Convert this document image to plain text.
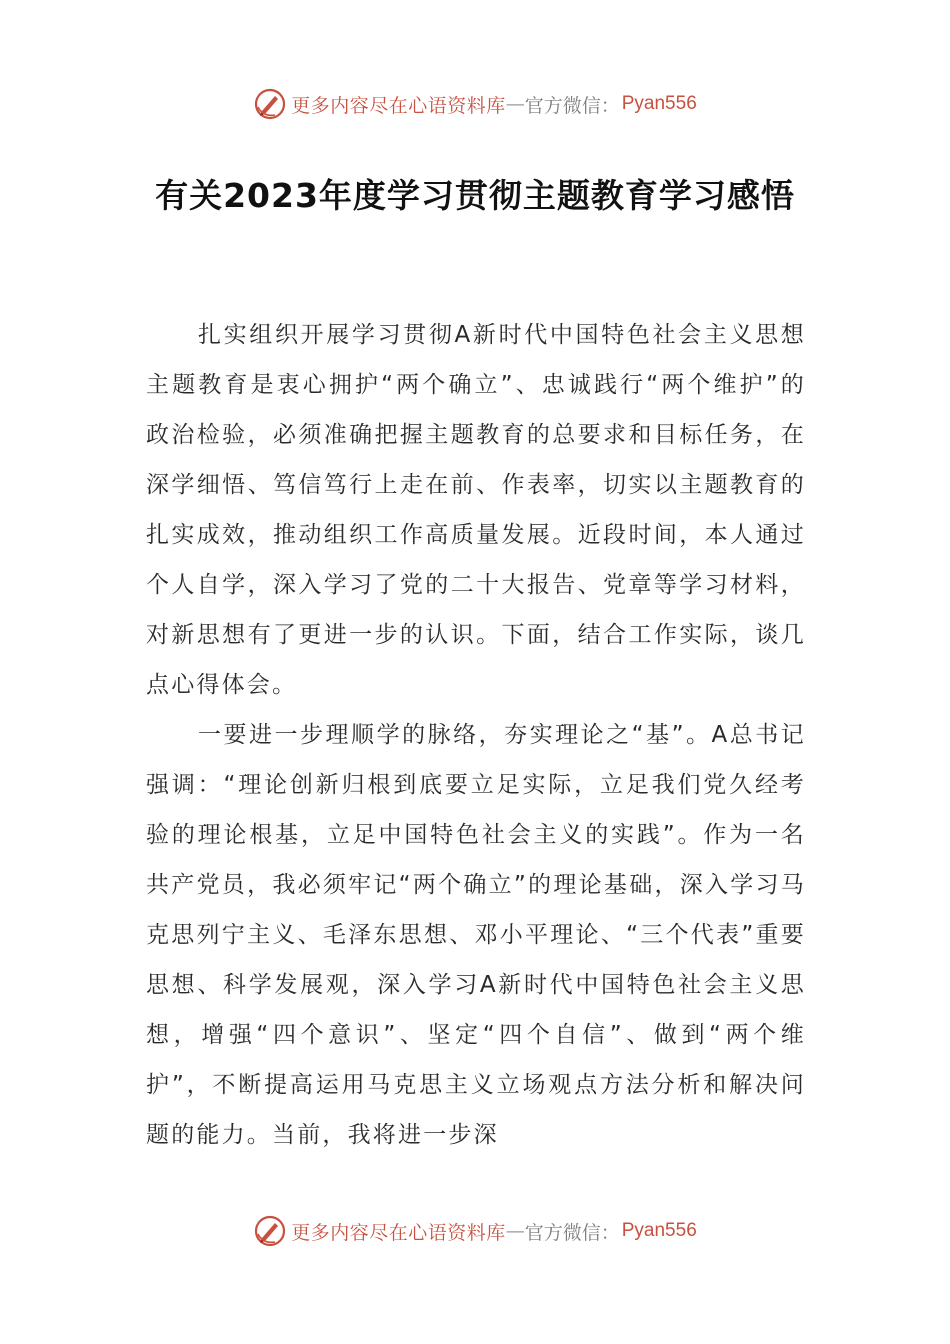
更多内容尽在心语资料库 — 官方微信： Pyan556
有关2023年度学习贯彻主题教育学习感悟

扎实组织开展学习贯彻A新时代中国特色社会主义思想主题教育是衷心拥护“两个确立”、忠诚践行“两个维护”的政治检验，必须准确把握主题教育的总要求和目标任务，在深学细悟、笃信笃行上走在前、作表率，切实以主题教育的扎实成效，推动组织工作高质量发展。近段时间，本人通过个人自学，深入学习了党的二十大报告、党章等学习材料，对新思想有了更进一步的认识。下面，结合工作实际，谈几点心得体会。

一要进一步理顺学的脉络，夯实理论之“基”。A总书记强调：“理论创新归根到底要立足实际，立足我们党久经考验的理论根基，立足中国特色社会主义的实践”。作为一名共产党员，我必须牢记“两个确立”的理论基础，深入学习马克思列宁主义、毛泽东思想、邓小平理论、“三个代表”重要思想、科学发展观，深入学习A新时代中国特色社会主义思想，增强“四个意识”、坚定“四个自信”、做到“两个维护”，不断提高运用马克思主义立场观点方法分析和解决问题的能力。当前，我将进一步深

更多内容尽在心语资料库 — 官方微信： Pyan556
